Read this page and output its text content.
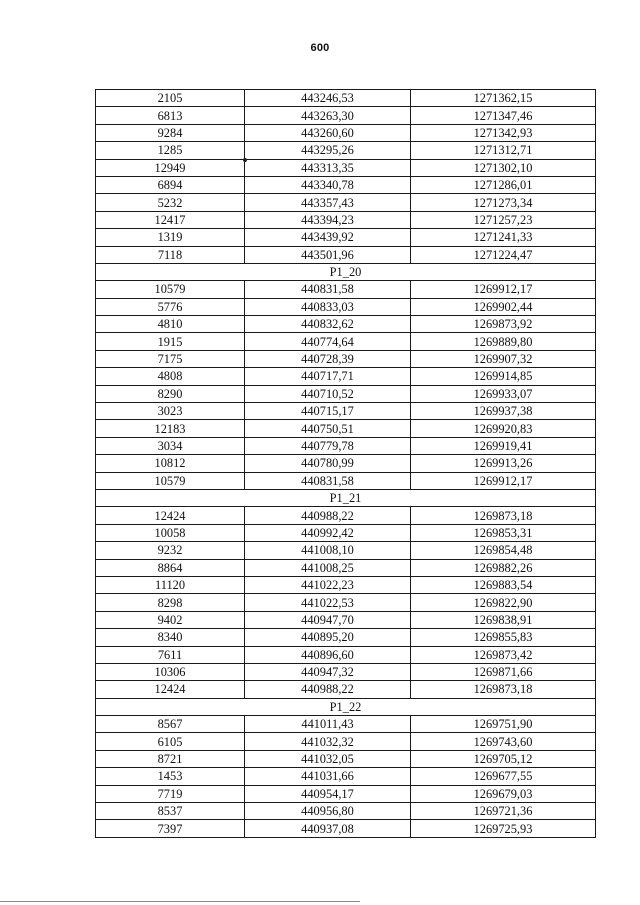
600
2105	443246,53	1271362,15
6813	443263,30	1271347,46
9284	443260,60	1271342,93
1285	443295,26	1271312,71
12949	443313,35	1271302,10
6894	443340,78	1271286,01
5232	443357,43	1271273,34
12417	443394,23	1271257,23
1319	443439,92	1271241,33
7118	443501,96	1271224,47
P1_20		
10579	440831,58	1269912,17
5776	440833,03	1269902,44
4810	440832,62	1269873,92
1915	440774,64	1269889,80
7175	440728,39	1269907,32
4808	440717,71	1269914,85
8290	440710,52	1269933,07
3023	440715,17	1269937,38
12183	440750,51	1269920,83
3034	440779,78	1269919,41
10812	440780,99	1269913,26
10579	440831,58	1269912,17
P1_21		
12424	440988,22	1269873,18
10058	440992,42	1269853,31
9232	441008,10	1269854,48
8864	441008,25	1269882,26
11120	441022,23	1269883,54
8298	441022,53	1269822,90
9402	440947,70	1269838,91
8340	440895,20	1269855,83
7611	440896,60	1269873,42
10306	440947,32	1269871,66
12424	440988,22	1269873,18
P1_22		
8567	441011,43	1269751,90
6105	441032,32	1269743,60
8721	441032,05	1269705,12
1453	441031,66	1269677,55
7719	440954,17	1269679,03
8537	440956,80	1269721,36
7397	440937,08	1269725,93
